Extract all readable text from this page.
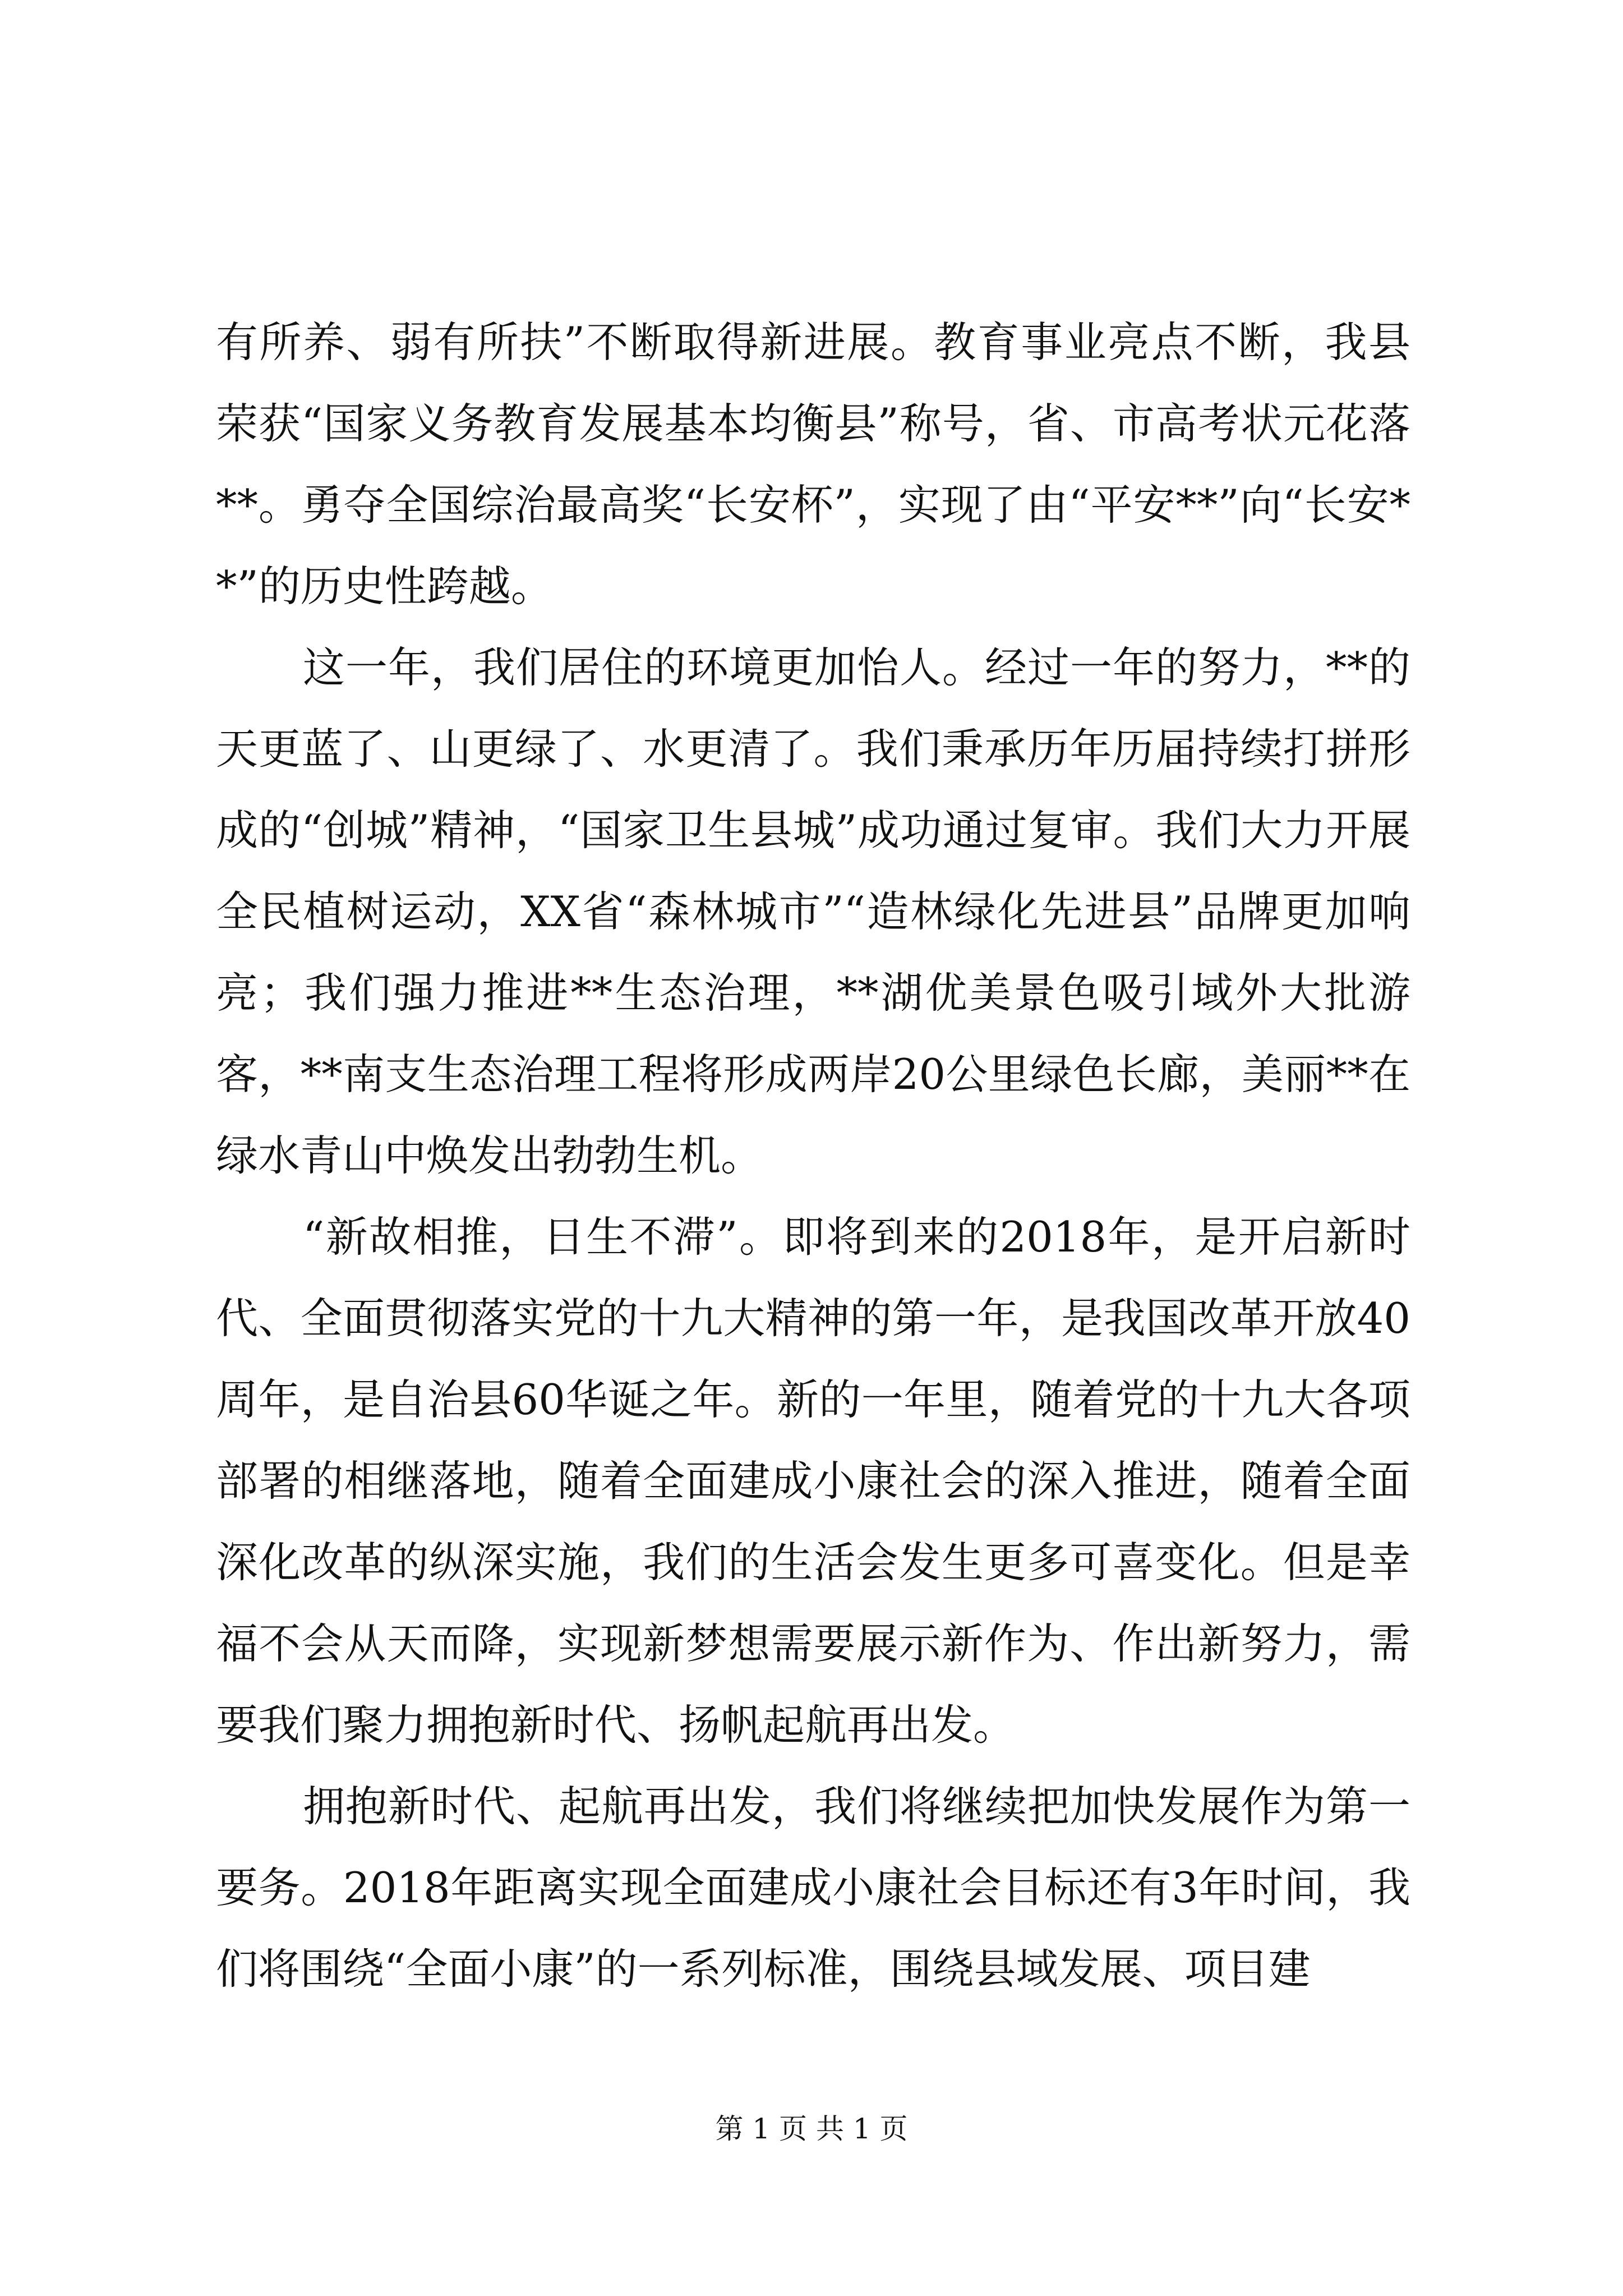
有所养、弱有所扶”不断取得新进展。教育事业亮点不断，我县荣获“国家义务教育发展基本均衡县”称号，省、市高考状元花落**。勇夺全国综治最高奖“长安杯”，实现了由“平安**”向“长安**”的历史性跨越。

这一年，我们居住的环境更加怡人。经过一年的努力，**的天更蓝了、山更绿了、水更清了。我们秉承历年历届持续打拼形成的“创城”精神，“国家卫生县城”成功通过复审。我们大力开展全民植树运动，XX省“森林城市”“造林绿化先进县”品牌更加响亮；我们强力推进**生态治理，**湖优美景色吸引域外大批游客，**南支生态治理工程将形成两岸20公里绿色长廊，美丽**在绿水青山中焕发出勃勃生机。

“新故相推，日生不滞”。即将到来的2018年，是开启新时代、全面贯彻落实党的十九大精神的第一年，是我国改革开放40周年，是自治县60华诞之年。新的一年里，随着党的十九大各项部署的相继落地，随着全面建成小康社会的深入推进，随着全面深化改革的纵深实施，我们的生活会发生更多可喜变化。但是幸福不会从天而降，实现新梦想需要展示新作为、作出新努力，需要我们聚力拥抱新时代、扬帆起航再出发。

拥抱新时代、起航再出发，我们将继续把加快发展作为第一要务。2018年距离实现全面建成小康社会目标还有3年时间，我们将围绕“全面小康”的一系列标准，围绕县域发展、项目建

第 1 页 共 1 页
